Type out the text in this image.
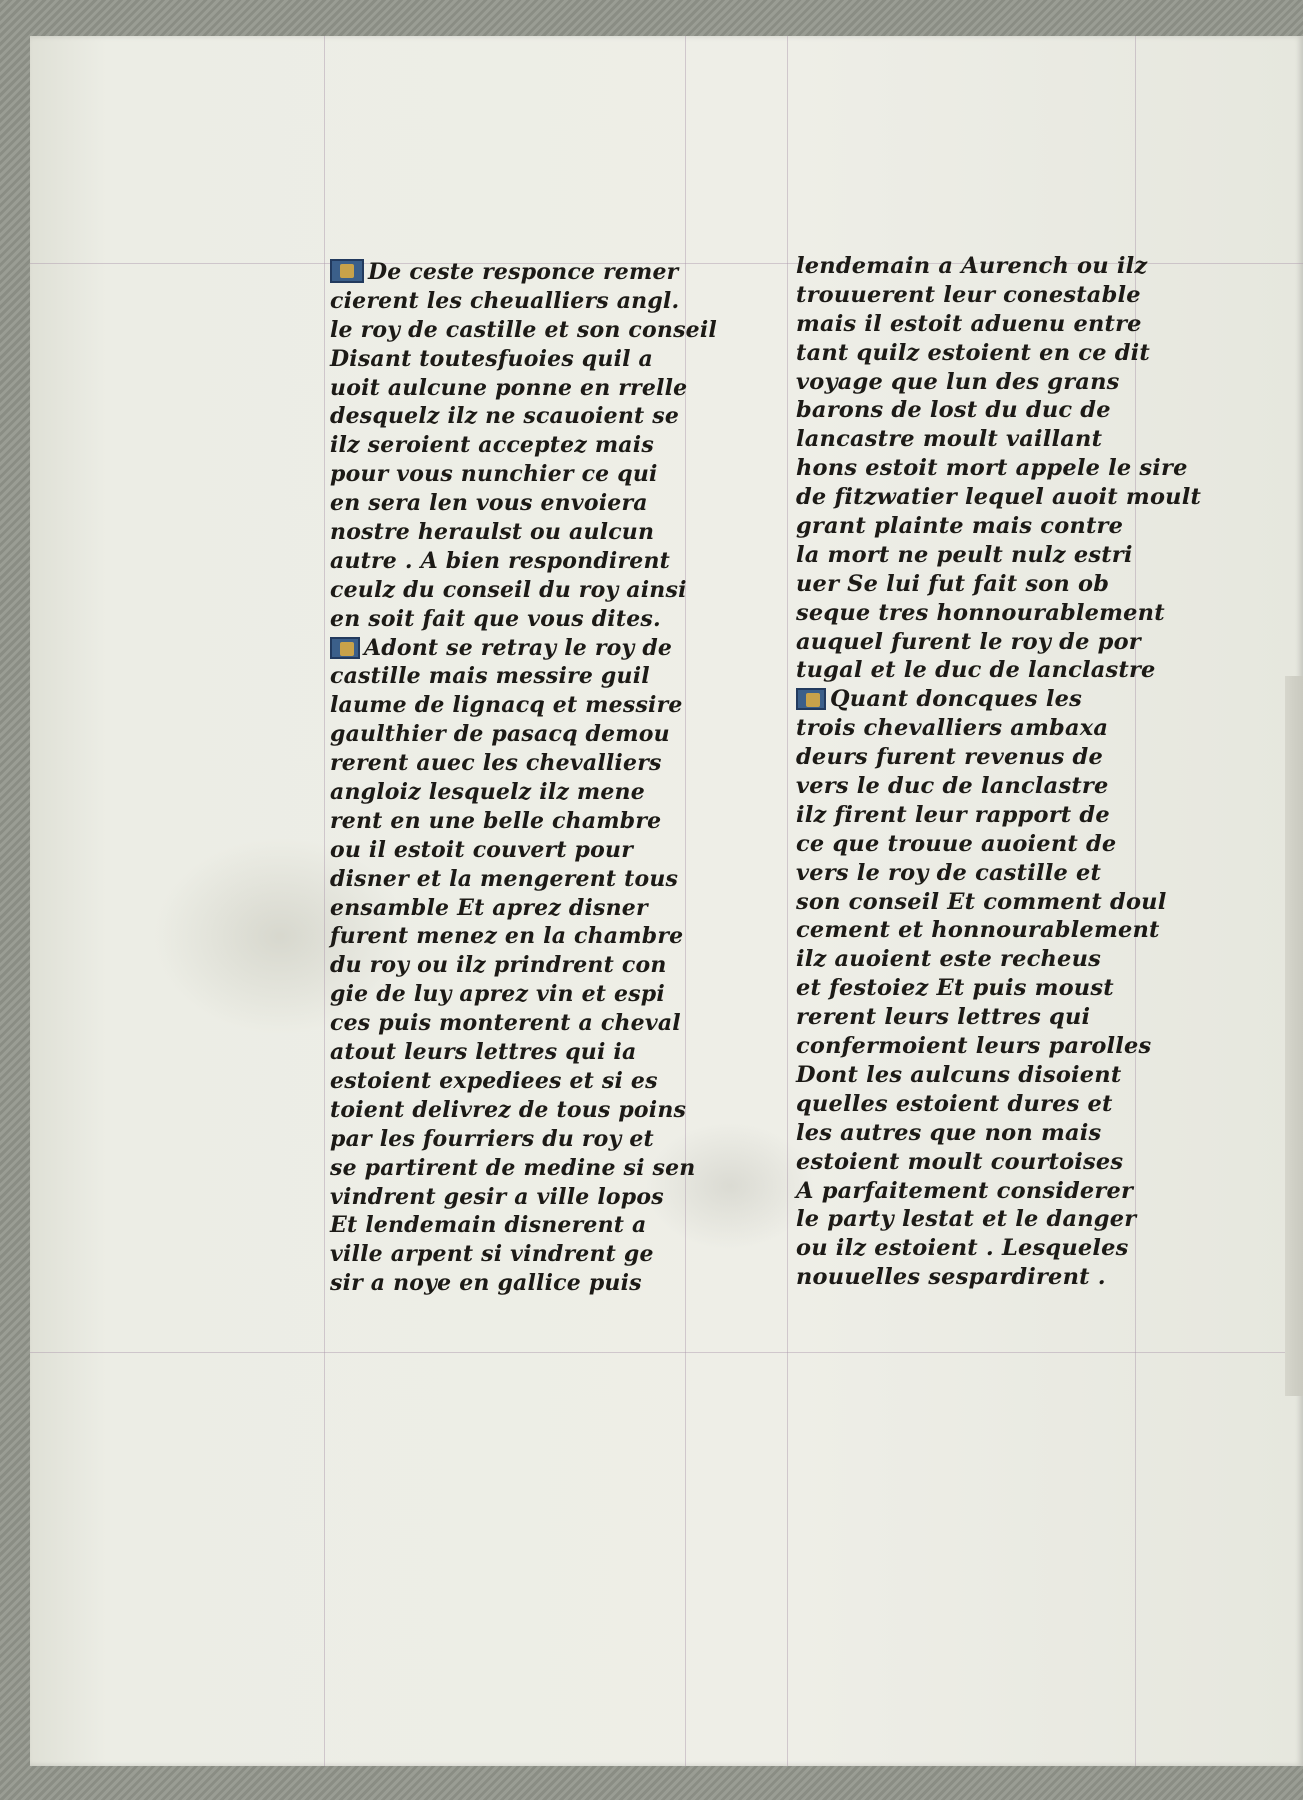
De ceste responce remer
cierent les cheualliers angl.
le roy de castille et son conseil
Disant toutesfuoies quil a
uoit aulcune ponne en rrelle
desquelz ilz ne scauoient se
ilz seroient acceptez mais
pour vous nunchier ce qui
en sera len vous envoiera
nostre heraulst ou aulcun
autre . A bien respondirent
ceulz du conseil du roy ainsi
en soit fait que vous dites.
Adont se retray le roy de
castille mais messire guil
laume de lignacq et messire
gaulthier de pasacq demou
rerent auec les chevalliers
angloiz lesquelz ilz mene
rent en une belle chambre
ou il estoit couvert pour
disner et la mengerent tous
ensamble Et aprez disner
furent menez en la chambre
du roy ou ilz prindrent con
gie de luy aprez vin et espi
ces puis monterent a cheval
atout leurs lettres qui ia
estoient expediees et si es
toient delivrez de tous poins
par les fourriers du roy et
se partirent de medine si sen
vindrent gesir a ville lopos
Et lendemain disnerent a
ville arpent si vindrent ge
sir a noye en gallice puis
lendemain a Aurench ou ilz
trouuerent leur conestable
mais il estoit aduenu entre
tant quilz estoient en ce dit
voyage que lun des grans
barons de lost du duc de
lancastre moult vaillant
hons estoit mort appele le sire
de fitzwatier lequel auoit moult
grant plainte mais contre
la mort ne peult nulz estri
uer Se lui fut fait son ob
seque tres honnourablement
auquel furent le roy de por
tugal et le duc de lanclastre
Quant doncques les
trois chevalliers ambaxa
deurs furent revenus de
vers le duc de lanclastre
ilz firent leur rapport de
ce que trouue auoient de
vers le roy de castille et
son conseil Et comment doul
cement et honnourablement
ilz auoient este recheus
et festoiez Et puis moust
rerent leurs lettres qui
confermoient leurs parolles
Dont les aulcuns disoient
quelles estoient dures et
les autres que non mais
estoient moult courtoises
A parfaitement considerer
le party lestat et le danger
ou ilz estoient . Lesqueles
nouuelles sespardirent .
